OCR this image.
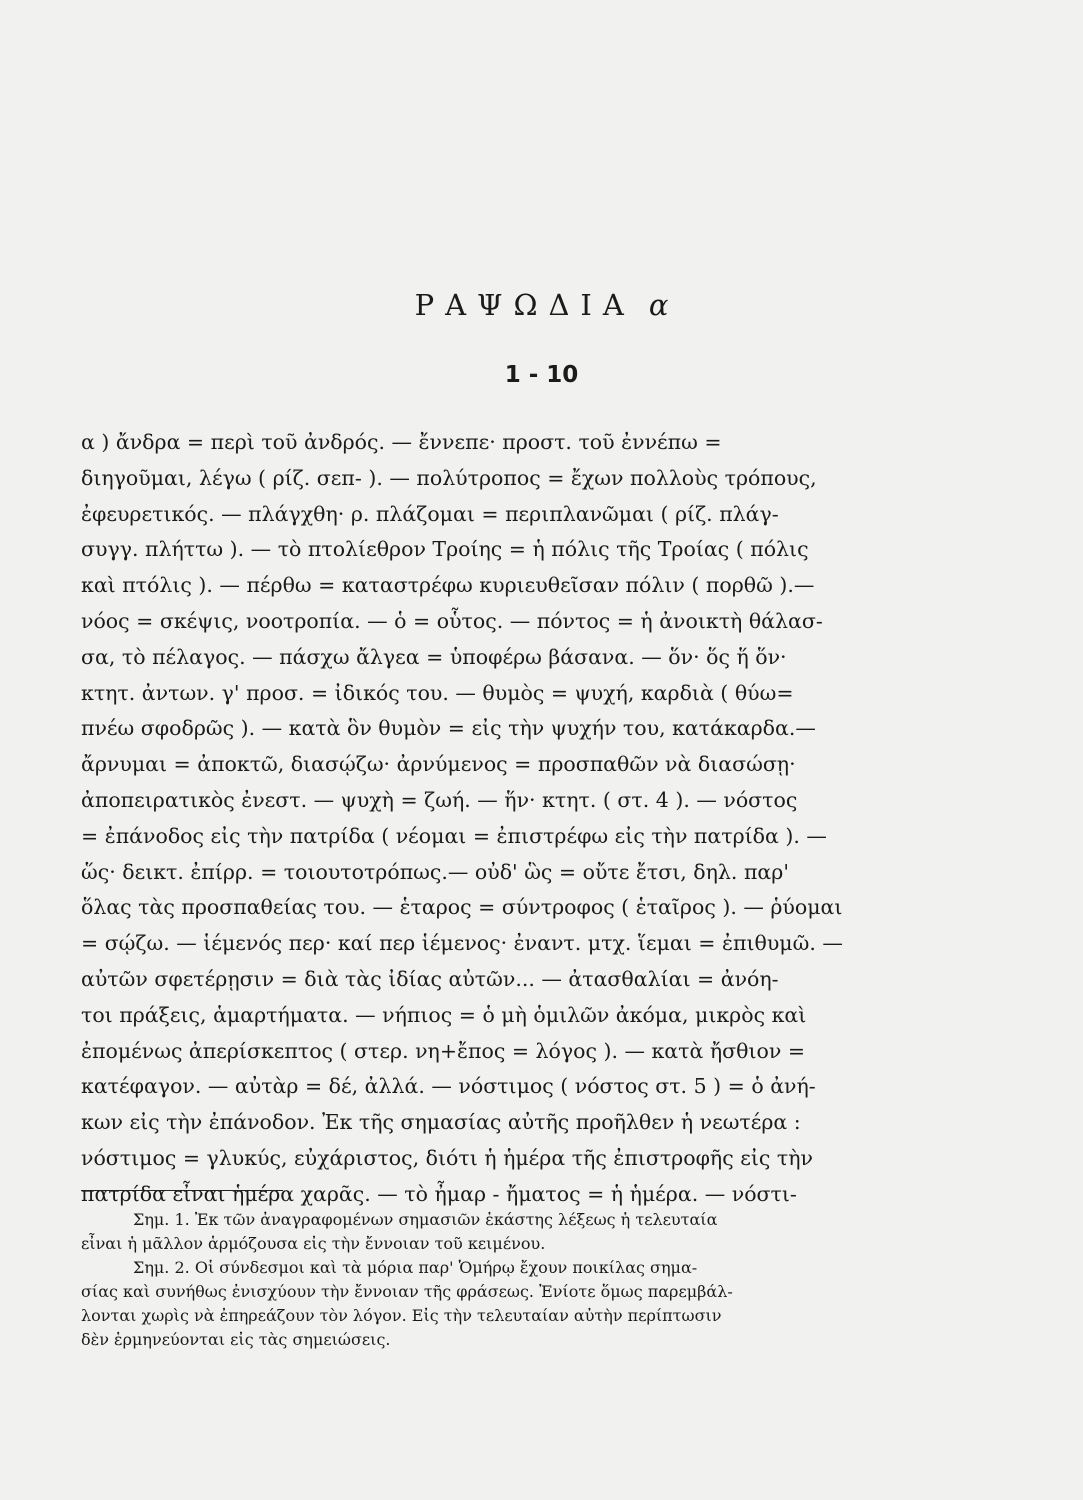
ΡΑΨΩΔΙΑ α
1 - 10
α ) ἄνδρα = περὶ τοῦ ἀνδρός. — ἔννεπε· προστ. τοῦ ἐννέπω =
διηγοῦμαι, λέγω ( ρίζ. σεπ- ). — πολύτροπος = ἔχων πολλοὺς τρόπους,
ἐφευρετικός. — πλάγχθη· ρ. πλάζομαι = περιπλανῶμαι ( ρίζ. πλάγ-
συγγ. πλήττω ). — τὸ πτολίεθρον Τροίης = ἡ πόλις τῆς Τροίας ( πόλις
καὶ πτόλις ). — πέρθω = καταστρέφω κυριευθεῖσαν πόλιν ( πορθῶ ).—
νόος = σκέψις, νοοτροπία. — ὁ = οὗτος. — πόντος = ἡ ἀνοικτὴ θάλασ-
σα, τὸ πέλαγος. — πάσχω ἄλγεα = ὑποφέρω βάσανα. — ὅν· ὅς ἥ ὅν·
κτητ. ἀντων. γ' προσ. = ἰδικός του. — θυμὸς = ψυχή, καρδιὰ ( θύω=
πνέω σφοδρῶς ). — κατὰ ὃν θυμὸν = εἰς τὴν ψυχήν του, κατάκαρδα.—
ἄρνυμαι = ἀποκτῶ, διασῴζω· ἀρνύμενος = προσπαθῶν νὰ διασώσῃ·
ἀποπειρατικὸς ἐνεστ. — ψυχὴ = ζωή. — ἥν· κτητ. ( στ. 4 ). — νόστος
= ἐπάνοδος εἰς τὴν πατρίδα ( νέομαι = ἐπιστρέφω εἰς τὴν πατρίδα ). —
ὥς· δεικτ. ἐπίρρ. = τοιουτοτρόπως.— οὐδ' ὣς = οὔτε ἔτσι, δηλ. παρ'
ὅλας τὰς προσπαθείας του. — ἑταρος = σύντροφος ( ἑταῖρος ). — ῥύομαι
= σῴζω. — ἱέμενός περ· καί περ ἱέμενος· ἐναντ. μτχ. ἵεμαι = ἐπιθυμῶ. —
αὐτῶν σφετέρῃσιν = διὰ τὰς ἰδίας αὐτῶν... — ἀτασθαλίαι = ἀνόη-
τοι πράξεις, ἁμαρτήματα. — νήπιος = ὁ μὴ ὁμιλῶν ἀκόμα, μικρὸς καὶ
ἐπομένως ἀπερίσκεπτος ( στερ. νη+ἔπος = λόγος ). — κατὰ ἤσθιον =
κατέφαγον. — αὐτὰρ = δέ, ἀλλά. — νόστιμος ( νόστος στ. 5 ) = ὁ ἀνή-
κων εἰς τὴν ἐπάνοδον. Ἐκ τῆς σημασίας αὐτῆς προῆλθεν ἡ νεωτέρα :
νόστιμος = γλυκύς, εὐχάριστος, διότι ἡ ἡμέρα τῆς ἐπιστροφῆς εἰς τὴν
πατρίδα εἶναι ἡμέρα χαρᾶς. — τὸ ἦμαρ - ἤματος = ἡ ἡμέρα. — νόστι-
Σημ. 1. Ἐκ τῶν ἀναγραφομένων σημασιῶν ἑκάστης λέξεως ἡ τελευταία
εἶναι ἡ μᾶλλον ἁρμόζουσα εἰς τὴν ἔννοιαν τοῦ κειμένου.
Σημ. 2. Οἱ σύνδεσμοι καὶ τὰ μόρια παρ' Ὁμήρῳ ἔχουν ποικίλας σημα-
σίας καὶ συνήθως ἐνισχύουν τὴν ἔννοιαν τῆς φράσεως. Ἐνίοτε ὅμως παρεμβάλ-
λονται χωρὶς νὰ ἐπηρεάζουν τὸν λόγον. Εἰς τὴν τελευταίαν αὐτὴν περίπτωσιν
δὲν ἑρμηνεύονται εἰς τὰς σημειώσεις.
